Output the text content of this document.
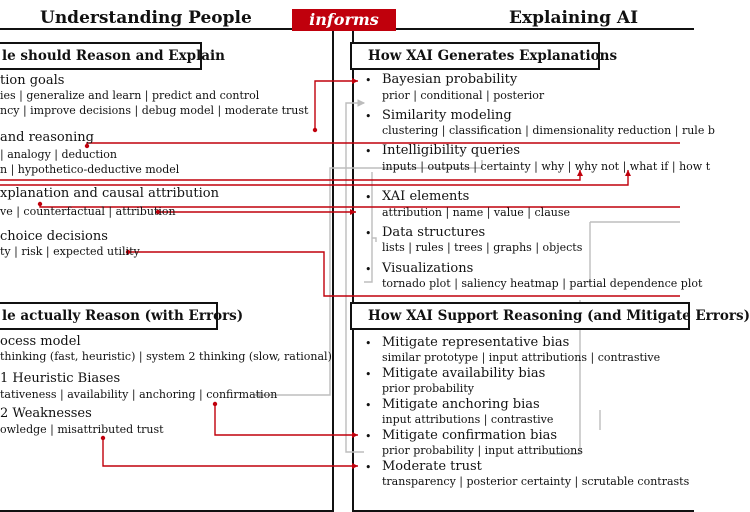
Understanding People	informs	Explaining AI
le should Reason and Explain
le actually Reason (with Errors)
tion goals
ies | generalize and learn | predict and control
ncy | improve decisions | debug model | moderate trust
and reasoning
| analogy | deduction
n | hypothetico-deductive model
xplanation and causal attribution
ve | counterfactual | attribution
choice decisions
ty | risk | expected utility
ocess model
thinking (fast, heuristic) | system 2 thinking (slow, rational)
1 Heuristic Biases
tativeness | availability | anchoring | confirmation
2 Weaknesses
owledge | misattributed trust
How XAI Generates Explanations
How XAI Support Reasoning (and Mitigate Errors)
• Bayesian probability
prior | conditional | posterior
• Similarity modeling
clustering | classification | dimensionality reduction | rule b
• Intelligibility queries
inputs | outputs | certainty | why | why not | what if | how t
• XAI elements
attribution | name | value | clause
• Data structures
lists | rules | trees | graphs | objects
• Visualizations
tornado plot | saliency heatmap | partial dependence plot
• Mitigate representative bias
similar prototype | input attributions | contrastive
• Mitigate availability bias
prior probability
• Mitigate anchoring bias
input attributions | contrastive
• Mitigate confirmation bias
prior probability | input attributions
• Moderate trust
transparency | posterior certainty | scrutable contrasts
